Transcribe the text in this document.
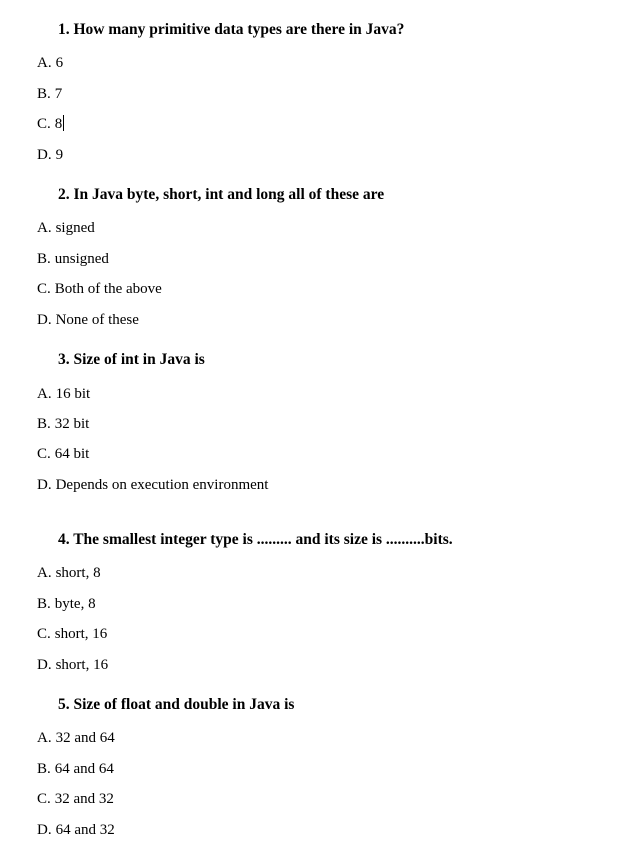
1. How many primitive data types are there in Java?
A. 6
B. 7
C. 8
D. 9
2. In Java byte, short, int and long all of these are
A. signed
B. unsigned
C. Both of the above
D. None of these
3. Size of int in Java is
A. 16 bit
B. 32 bit
C. 64 bit
D. Depends on execution environment
4. The smallest integer type is ......... and its size is ..........bits.
A. short, 8
B. byte, 8
C. short, 16
D. short, 16
5. Size of float and double in Java is
A. 32 and 64
B. 64 and 64
C. 32 and 32
D. 64 and 32
